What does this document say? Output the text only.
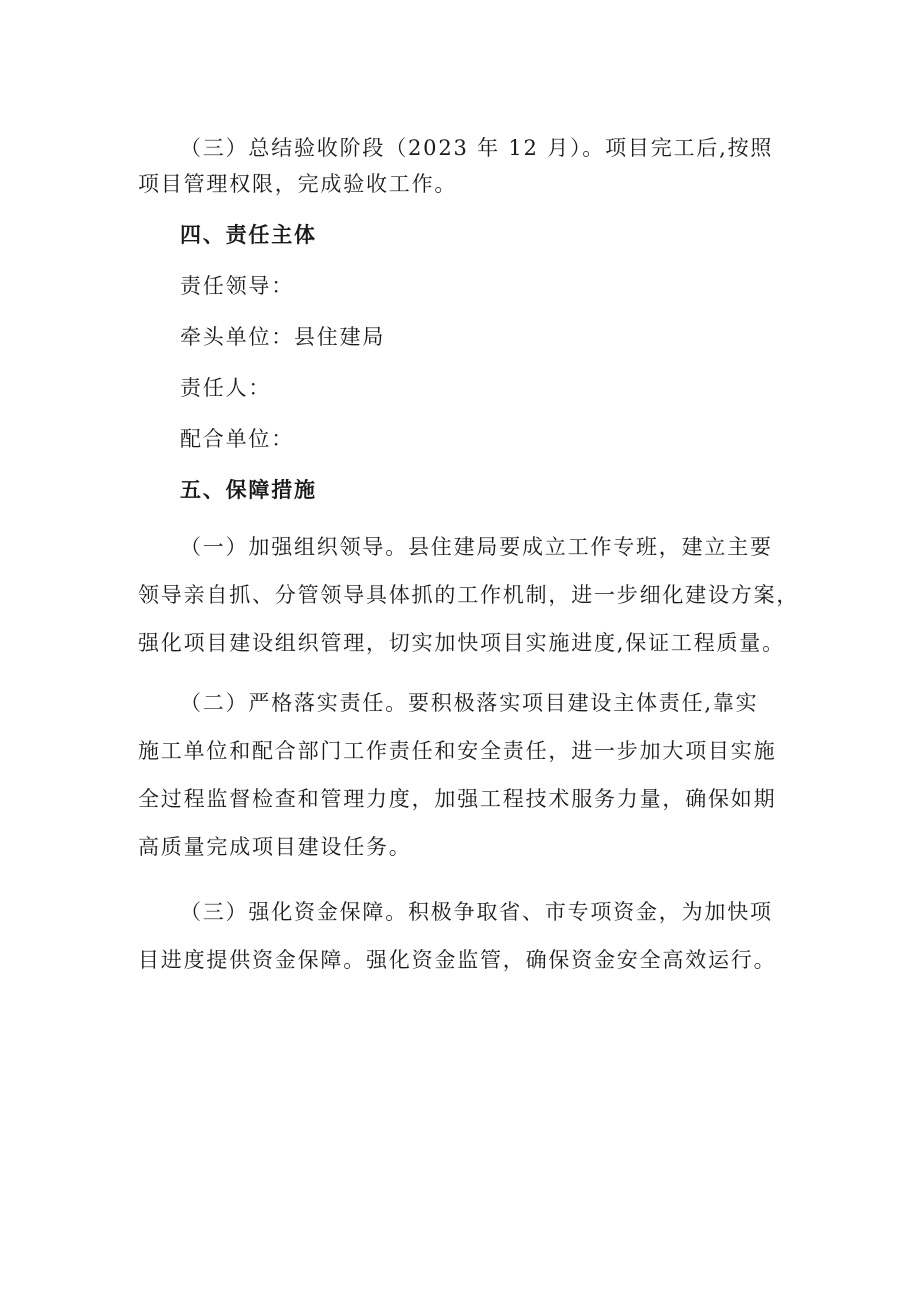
（三）总结验收阶段（2023 年 12 月）。项目完工后,按照
项目管理权限，完成验收工作。

四、责任主体

责任领导：

牵头单位：县住建局

责任人：

配合单位：

五、保障措施

（一）加强组织领导。县住建局要成立工作专班，建立主要
领导亲自抓、分管领导具体抓的工作机制，进一步细化建设方案，
强化项目建设组织管理，切实加快项目实施进度,保证工程质量。

（二）严格落实责任。要积极落实项目建设主体责任,靠实
施工单位和配合部门工作责任和安全责任，进一步加大项目实施
全过程监督检查和管理力度，加强工程技术服务力量，确保如期
高质量完成项目建设任务。

（三）强化资金保障。积极争取省、市专项资金，为加快项
目进度提供资金保障。强化资金监管，确保资金安全高效运行。
